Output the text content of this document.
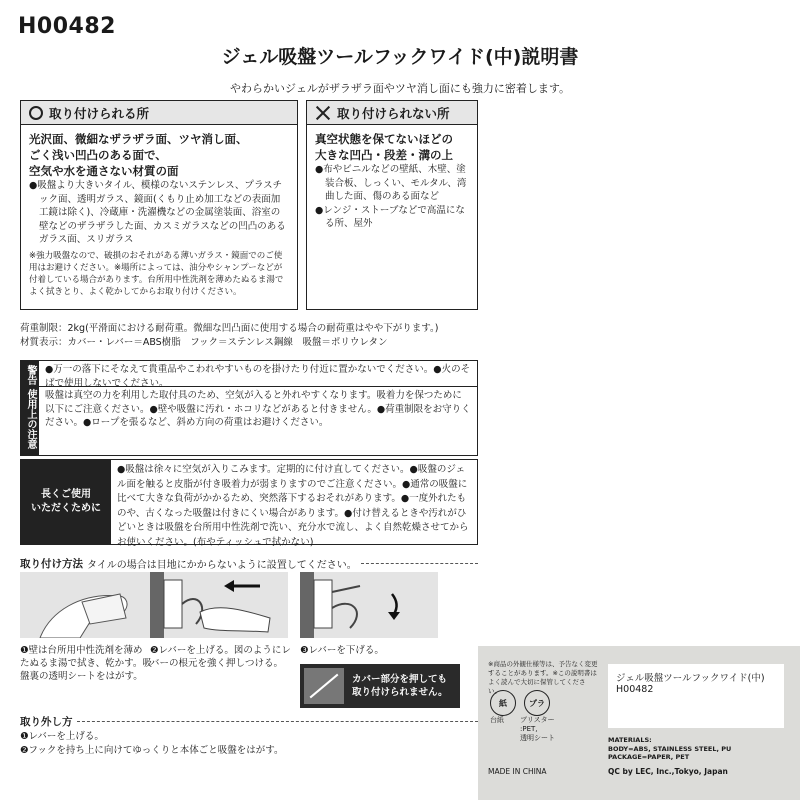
H00482
ジェル吸盤ツールフックワイド(中)説明書
やわらかいジェルがザラザラ面やツヤ消し面にも強力に密着します。
取り付けられる所
光沢面、微細なザラザラ面、ツヤ消し面、
ごく浅い凹凸のある面で、
空気や水を通さない材質の面
●吸盤より大きいタイル、模様のないステンレス、プラスチック面、透明ガラス、鏡面(くもり止め加工などの表面加工鏡は除く)、冷蔵庫・洗濯機などの金属塗装面、浴室の壁などのザラザラした面、カスミガラスなどの凹凸のあるガラス面、スリガラス
※強力吸盤なので、破損のおそれがある薄いガラス・鏡面でのご使用はお避けください。※場所によっては、油分やシャンプーなどが付着している場合があります。台所用中性洗剤を薄めたぬるま湯でよく拭きとり、よく乾かしてからお取り付けください。
取り付けられない所
真空状態を保てないほどの
大きな凹凸・段差・溝の上
●布やビニルなどの壁紙、木壁、塗装合板、しっくい、モルタル、湾曲した面、傷のある面など
●レンジ・ストーブなどで高温になる所、屋外
荷重制限：2kg(平滑面における耐荷重。微細な凹凸面に使用する場合の耐荷重はやや下がります。)
材質表示：カバー・レバー＝ABS樹脂　フック＝ステンレス鋼線　吸盤＝ポリウレタン
警告
使用上の注意
●万一の落下にそなえて貴重品やこわれやすいものを掛けたり付近に置かないでください。●火のそばで使用しないでください。
吸盤は真空の力を利用した取付具のため、空気が入ると外れやすくなります。吸着力を保つために以下にご注意ください。●壁や吸盤に汚れ・ホコリなどがあると付きません。●荷重制限をお守りください。●ロープを張るなど、斜め方向の荷重はお避けください。
長くご使用
いただくために
●吸盤は徐々に空気が入りこみます。定期的に付け直してください。●吸盤のジェル面を触ると皮脂が付き吸着力が弱まりますのでご注意ください。●通常の吸盤に比べて大きな負荷がかかるため、突然落下するおそれがあります。●一度外れたものや、古くなった吸盤は付きにくい場合があります。●付け替えるときや汚れがひどいときは吸盤を台所用中性洗剤で洗い、充分水で流し、よく自然乾燥させてからお使いください。(布やティッシュで拭かない)
取り付け方法 タイルの場合は目地にかからないように設置してください。
❶壁は台所用中性洗剤を薄めたぬるま湯で拭き、乾かす。吸盤裏の透明シートをはがす。
❷レバーを上げる。図のようにレバーの根元を強く押しつける。
❸レバーを下げる。
カバー部分を押しても
取り付けられません。
取り外し方
❶レバーを上げる。
❷フックを持ち上に向けてゆっくりと本体ごと吸盤をはがす。
※商品の外観仕様等は、予告なく変更することがあります。※この説明書はよく読んで大切に保管してください。
紙
台紙
プラ
ブリスター
:PET,
透明シート
ジェル吸盤ツールフックワイド(中) H00482
MATERIALS:
BODY=ABS, STAINLESS STEEL, PU
PACKAGE=PAPER, PET
MADE IN CHINA	QC by LEC, Inc.,Tokyo, Japan
